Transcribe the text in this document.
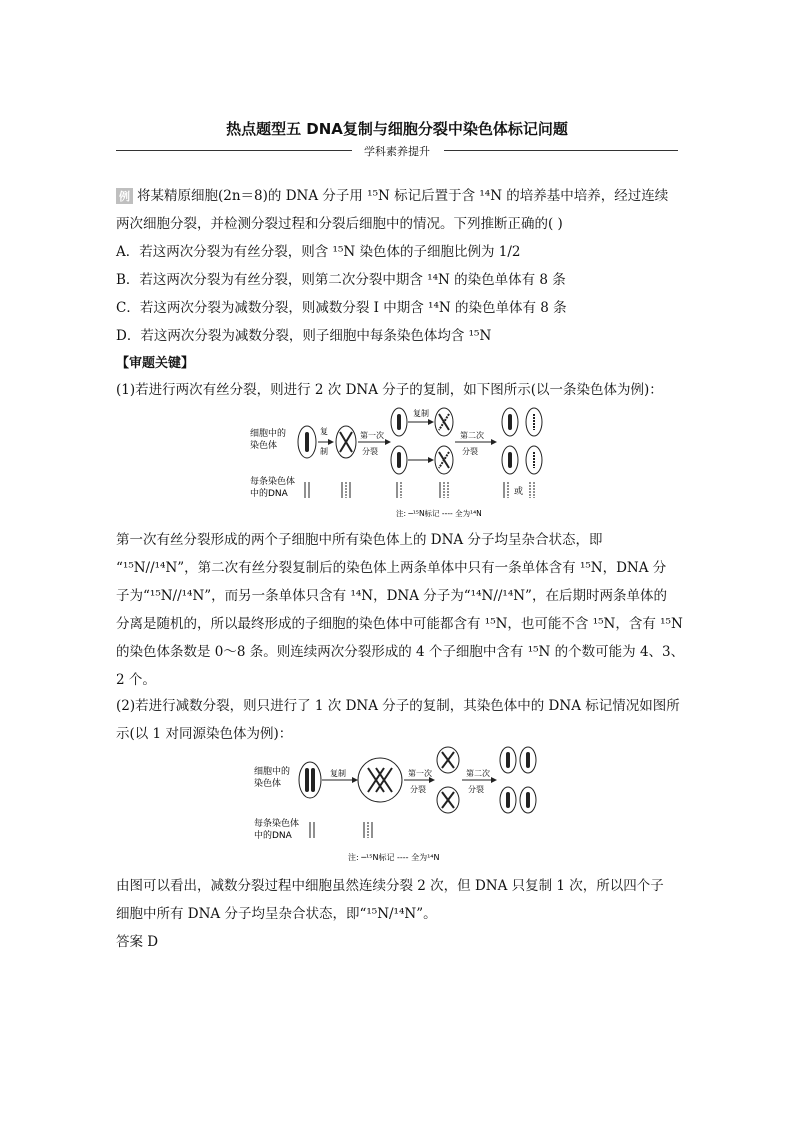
热点题型五 DNA复制与细胞分裂中染色体标记问题
学科素养提升
例 将某精原细胞(2n＝8)的 DNA 分子用 ¹⁵N 标记后置于含 ¹⁴N 的培养基中培养，经过连续
两次细胞分裂，并检测分裂过程和分裂后细胞中的情况。下列推断正确的( )
A．若这两次分裂为有丝分裂，则含 ¹⁵N 染色体的子细胞比例为 1/2
B．若这两次分裂为有丝分裂，则第二次分裂中期含 ¹⁴N 的染色单体有 8 条
C．若这两次分裂为减数分裂，则减数分裂 Ⅰ 中期含 ¹⁴N 的染色单体有 8 条
D．若这两次分裂为减数分裂，则子细胞中每条染色体均含 ¹⁵N
【审题关键】
(1)若进行两次有丝分裂，则进行 2 次 DNA 分子的复制，如下图所示(以一条染色体为例)：
细胞中的
染色体
每条染色体
中的DNA
复
制
第一次
分裂
复制
第二次
分裂
或
注: ─¹⁵N标记 ---- 全为¹⁴N
第一次有丝分裂形成的两个子细胞中所有染色体上的 DNA 分子均呈杂合状态，即
“¹⁵N//¹⁴N”，第二次有丝分裂复制后的染色体上两条单体中只有一条单体含有 ¹⁵N，DNA 分
子为“¹⁵N//¹⁴N”，而另一条单体只含有 ¹⁴N，DNA 分子为“¹⁴N//¹⁴N”，在后期时两条单体的
分离是随机的，所以最终形成的子细胞的染色体中可能都含有 ¹⁵N，也可能不含 ¹⁵N，含有 ¹⁵N
的染色体条数是 0～8 条。则连续两次分裂形成的 4 个子细胞中含有 ¹⁵N 的个数可能为 4、3、
2 个。
(2)若进行减数分裂，则只进行了 1 次 DNA 分子的复制，其染色体中的 DNA 标记情况如图所
示(以 1 对同源染色体为例)：
细胞中的
染色体
每条染色体
中的DNA
复制	第一次
分裂
第二次
分裂
注: ─¹⁵N标记 ---- 全为¹⁴N
由图可以看出，减数分裂过程中细胞虽然连续分裂 2 次，但 DNA 只复制 1 次，所以四个子
细胞中所有 DNA 分子均呈杂合状态，即“¹⁵N/¹⁴N”。
答案 D
